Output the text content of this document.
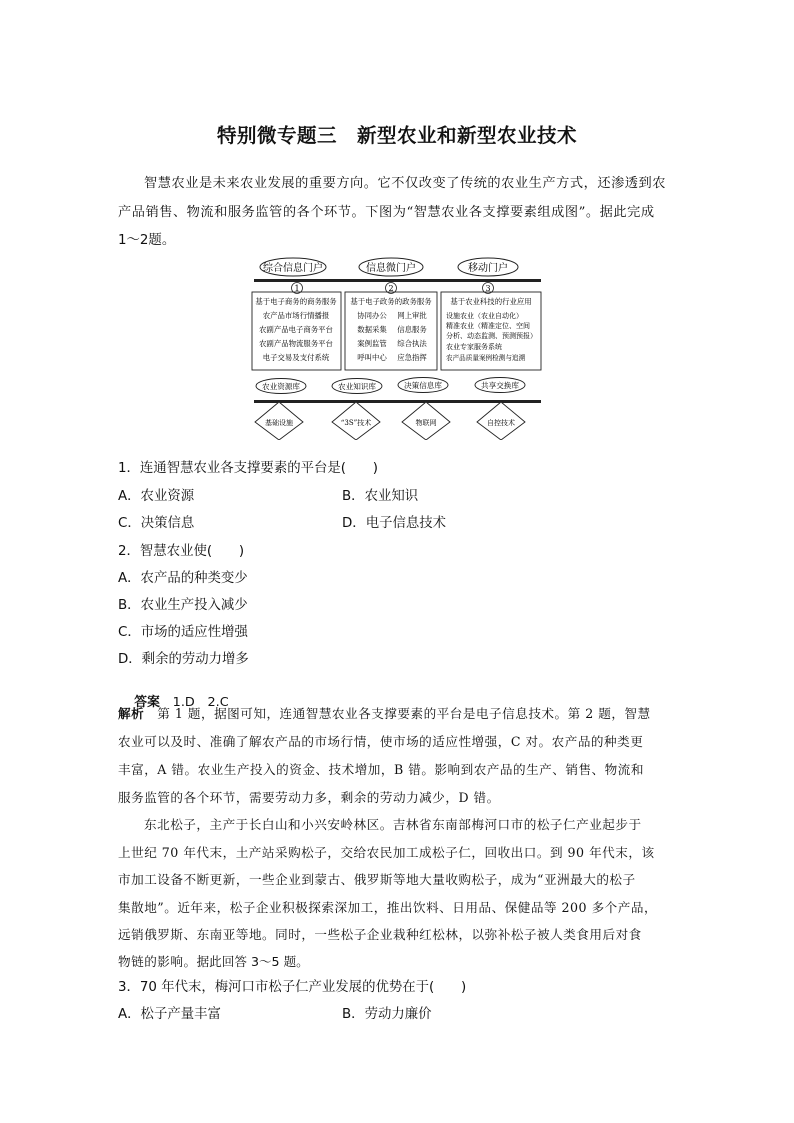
特别微专题三　新型农业和新型农业技术
智慧农业是未来农业发展的重要方向。它不仅改变了传统的农业生产方式，还渗透到农
产品销售、物流和服务监管的各个环节。下图为“智慧农业各支撑要素组成图”。据此完成
1～2题。
综合信息门户	信息微门户	移动门户
1	2	3
基于电子商务的商务服务
农产品市场行情播报
农副产品电子商务平台
农副产品物流服务平台
电子交易及支付系统
基于电子政务的政务服务
协同办公 网上审批
数据采集 信息服务
案例监管 综合执法
呼叫中心 应急指挥
基于农业科技的行业应用
设施农业（农业自动化）
精准农业（精准定位、空间
分析、动态监测、预测预报）
农业专家服务系统
农产品质量案例检测与追溯
农业资源库	农业知识库	决策信息库	共享交换库
基础设施	“3S”技术	物联网	自控技术
1．连通智慧农业各支撑要素的平台是(　　)
A．农业资源	B．农业知识
C．决策信息	D．电子信息技术
2．智慧农业使(　　)
A．农产品的种类变少
B．农业生产投入减少
C．市场的适应性增强
D．剩余的劳动力增多

答案　 1.D　2.C

解析　 第 1 题，据图可知，连通智慧农业各支撑要素的平台是电子信息技术。第 2 题，智慧
农业可以及时、准确了解农产品的市场行情，使市场的适应性增强，C 对。农产品的种类更
丰富，A 错。农业生产投入的资金、技术增加，B 错。影响到农产品的生产、销售、物流和
服务监管的各个环节，需要劳动力多，剩余的劳动力减少，D 错。
东北松子，主产于长白山和小兴安岭林区。吉林省东南部梅河口市的松子仁产业起步于
上世纪 70 年代末，土产站采购松子，交给农民加工成松子仁，回收出口。到 90 年代末，该
市加工设备不断更新，一些企业到蒙古、俄罗斯等地大量收购松子，成为“亚洲最大的松子
集散地”。近年来，松子企业积极探索深加工，推出饮料、日用品、保健品等 200 多个产品，
远销俄罗斯、东南亚等地。同时，一些松子企业栽种红松林，以弥补松子被人类食用后对食
物链的影响。据此回答 3～5 题。
3．70 年代末，梅河口市松子仁产业发展的优势在于(　　)
A．松子产量丰富	B．劳动力廉价
